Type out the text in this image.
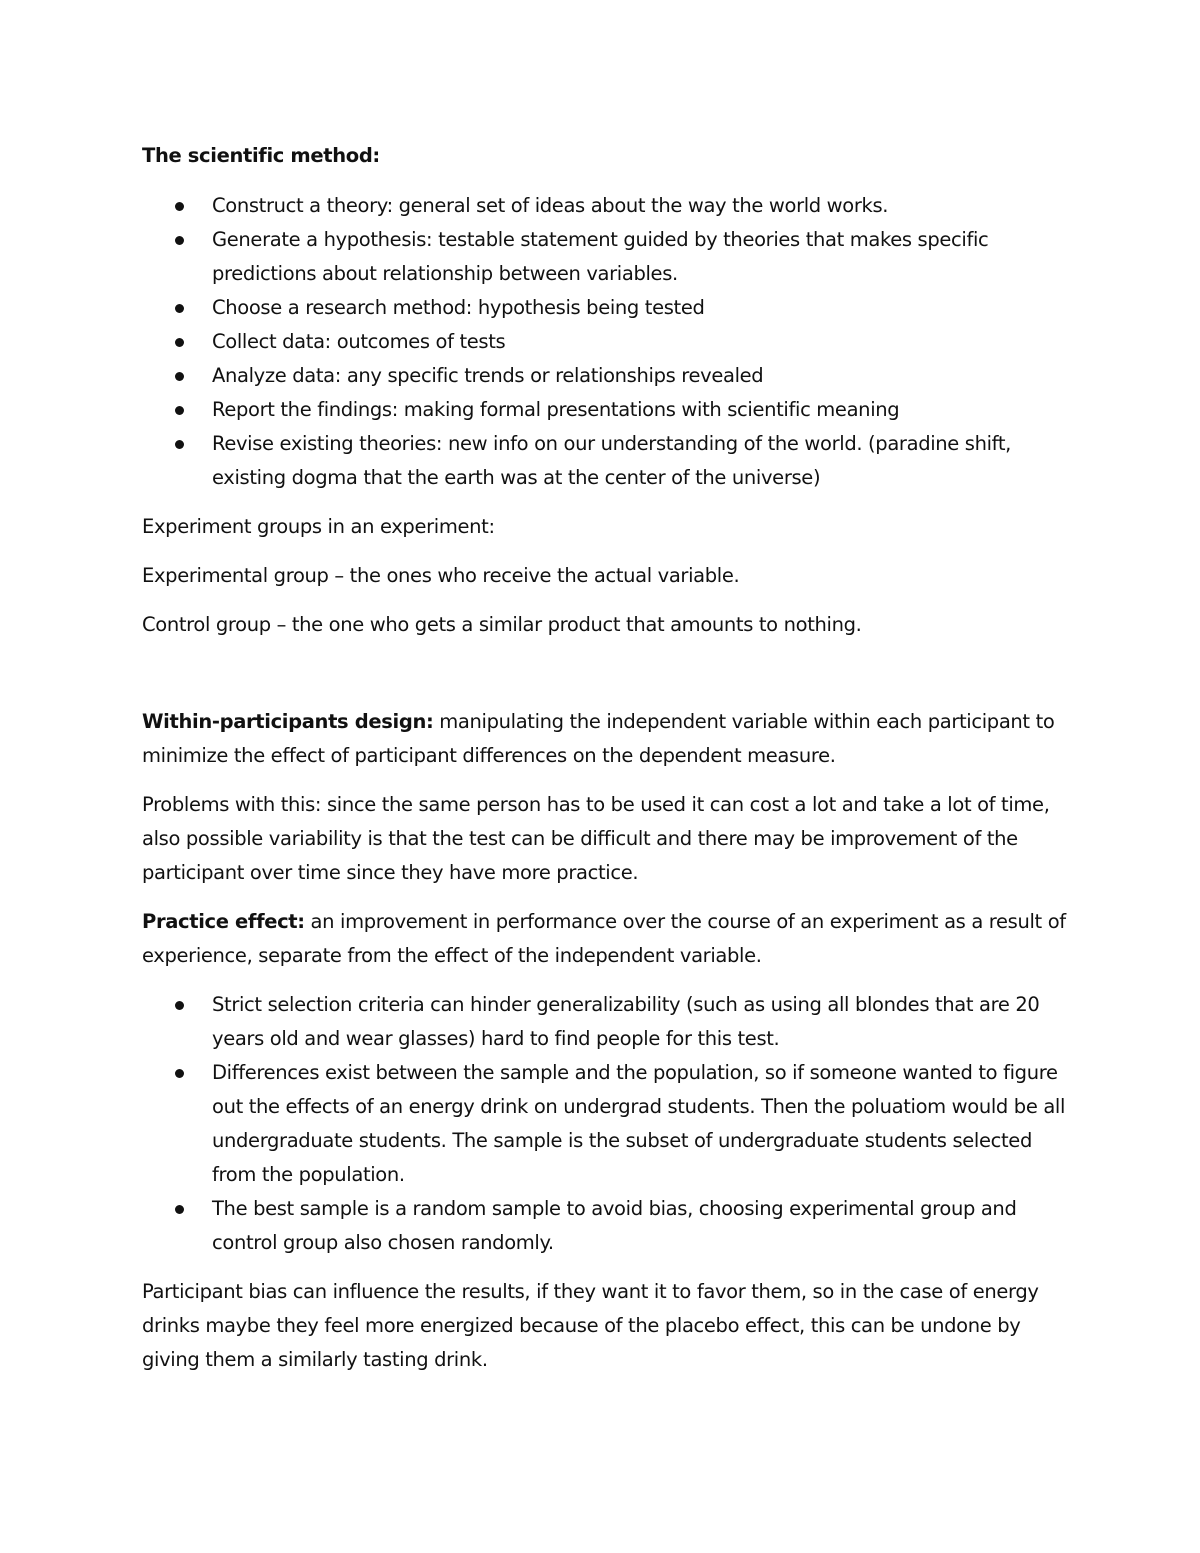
The scientific method:

Construct a theory: general set of ideas about the way the world works.
Generate a hypothesis: testable statement guided by theories that makes specific predictions about relationship between variables.
Choose a research method: hypothesis being tested
Collect data: outcomes of tests
Analyze data: any specific trends or relationships revealed
Report the findings: making formal presentations with scientific meaning
Revise existing theories: new info on our understanding of the world. (paradine shift, existing dogma that the earth was at the center of the universe)

Experiment groups in an experiment:

Experimental group – the ones who receive the actual variable.

Control group – the one who gets a similar product that amounts to nothing.

Within-participants design: manipulating the independent variable within each participant to minimize the effect of participant differences on the dependent measure.

Problems with this: since the same person has to be used it can cost a lot and take a lot of time, also possible variability is that the test can be difficult and there may be improvement of the participant over time since they have more practice.

Practice effect: an improvement in performance over the course of an experiment as a result of experience, separate from the effect of the independent variable.

Strict selection criteria can hinder generalizability (such as using all blondes that are 20 years old and wear glasses) hard to find people for this test.
Differences exist between the sample and the population, so if someone wanted to figure out the effects of an energy drink on undergrad students. Then the poluatiom would be all undergraduate students. The sample is the subset of undergraduate students selected from the population.
The best sample is a random sample to avoid bias, choosing experimental group and control group also chosen randomly.

Participant bias can influence the results, if they want it to favor them, so in the case of energy drinks maybe they feel more energized because of the placebo effect, this can be undone by giving them a similarly tasting drink.
